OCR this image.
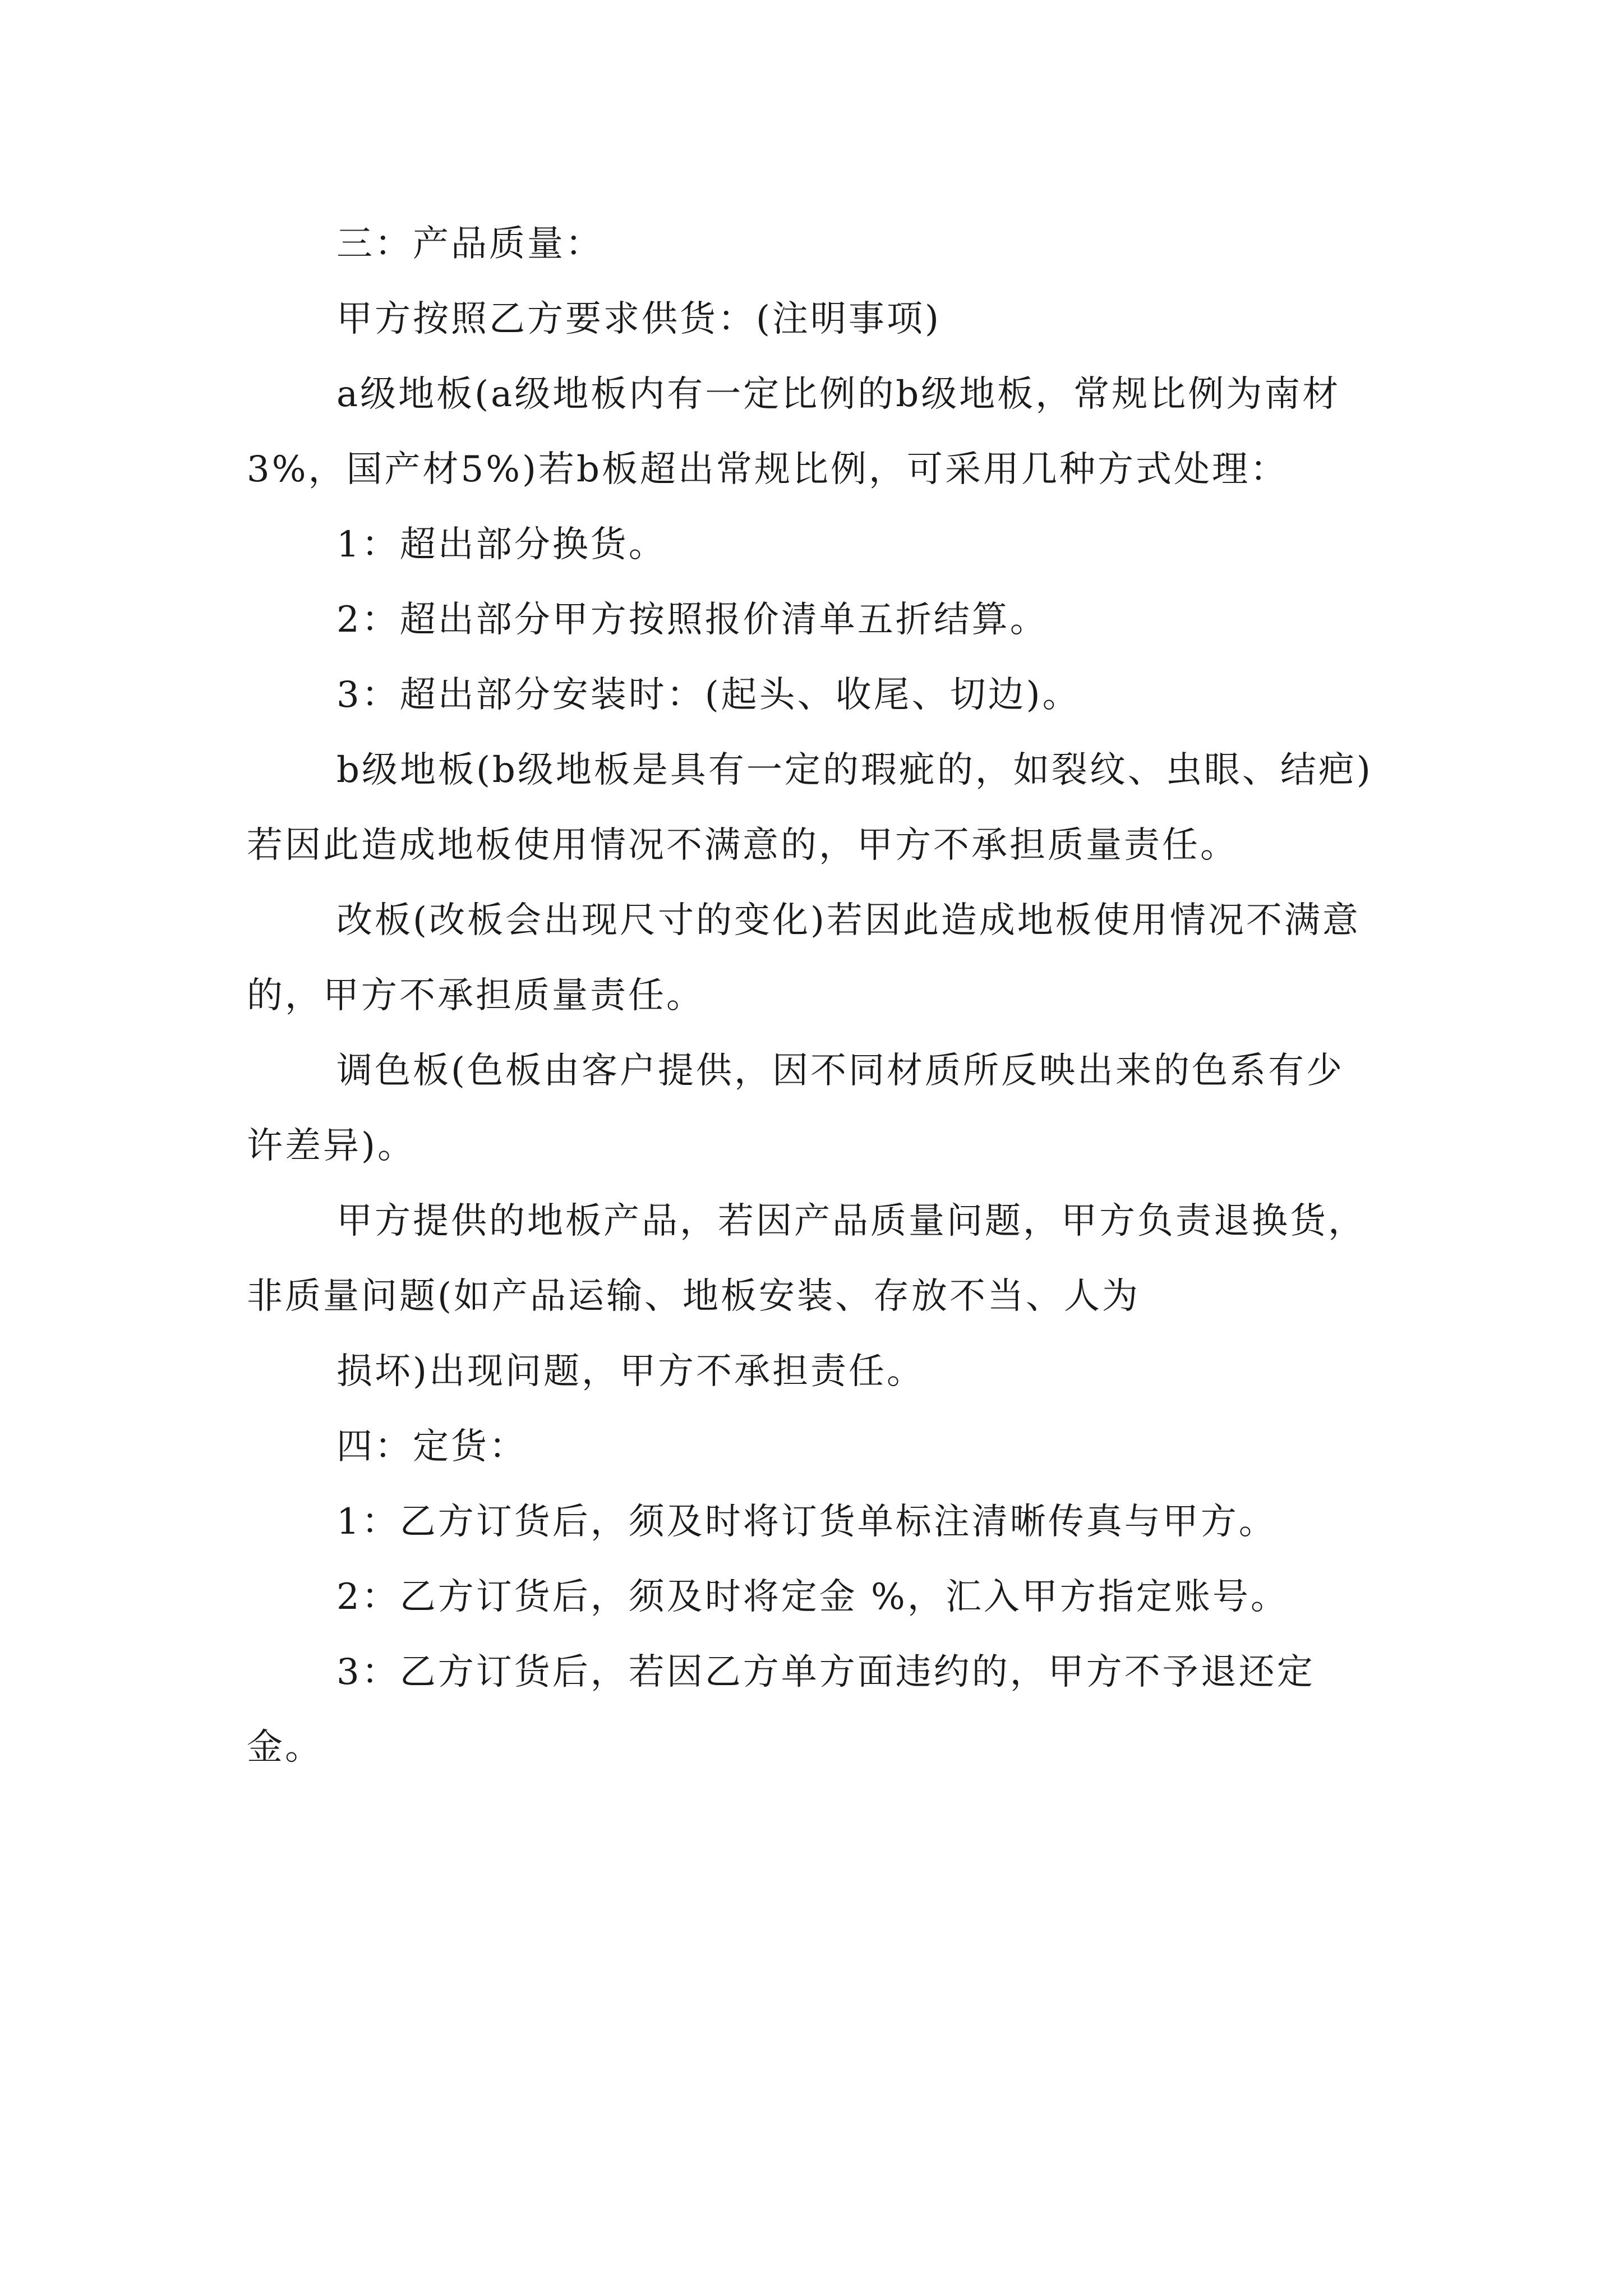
三：产品质量：

甲方按照乙方要求供货：(注明事项)

a级地板(a级地板内有一定比例的b级地板，常规比例为南材3%，国产材5%)若b板超出常规比例，可采用几种方式处理：

1：超出部分换货。

2：超出部分甲方按照报价清单五折结算。

3：超出部分安装时：(起头、收尾、切边)。

b级地板(b级地板是具有一定的瑕疵的，如裂纹、虫眼、结疤)若因此造成地板使用情况不满意的，甲方不承担质量责任。

改板(改板会出现尺寸的变化)若因此造成地板使用情况不满意的，甲方不承担质量责任。

调色板(色板由客户提供，因不同材质所反映出来的色系有少许差异)。

甲方提供的地板产品，若因产品质量问题，甲方负责退换货，非质量问题(如产品运输、地板安装、存放不当、人为

损坏)出现问题，甲方不承担责任。

四：定货：

1：乙方订货后，须及时将订货单标注清晰传真与甲方。

2：乙方订货后，须及时将定金 %，汇入甲方指定账号。

3：乙方订货后，若因乙方单方面违约的，甲方不予退还定金。
